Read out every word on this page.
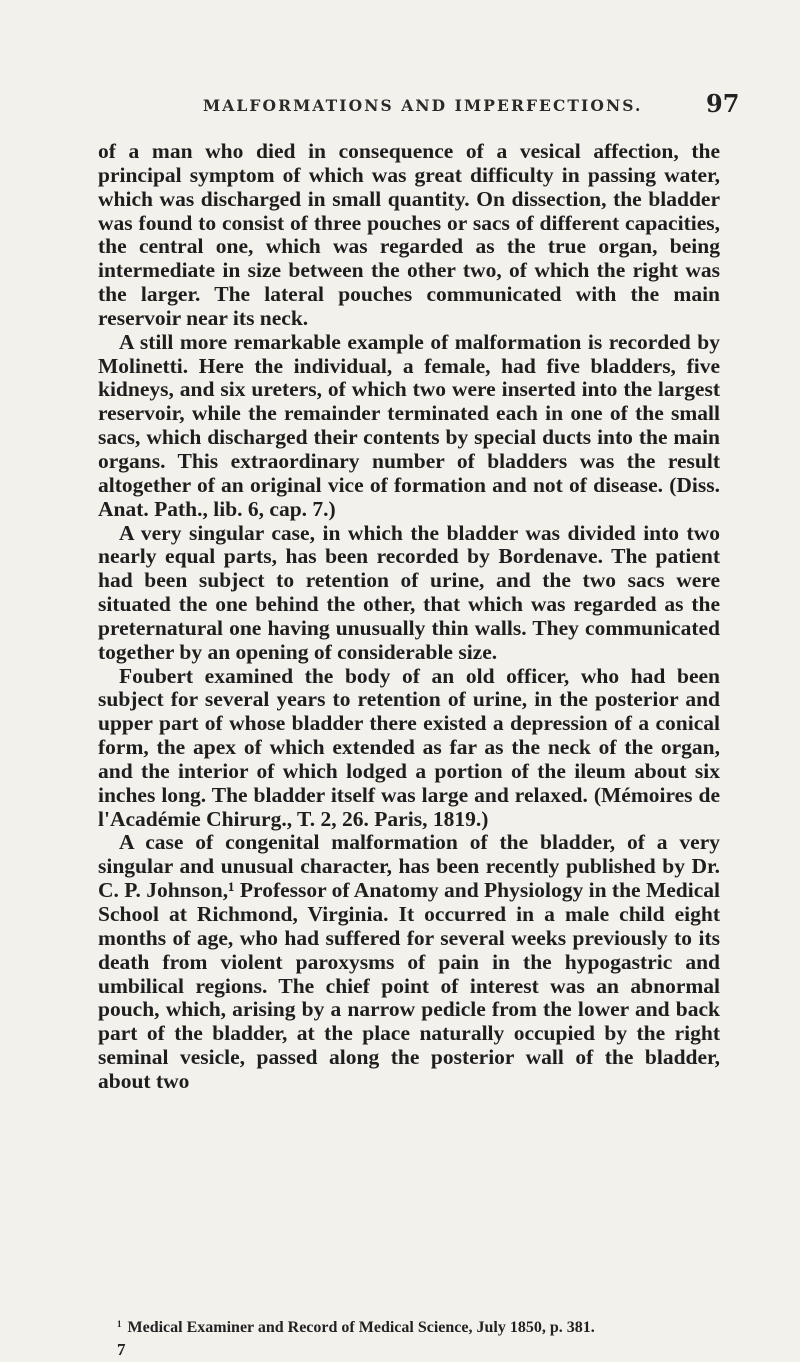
MALFORMATIONS AND IMPERFECTIONS.	97

of a man who died in consequence of a vesical affection, the principal symptom of which was great difficulty in passing water, which was discharged in small quantity. On dissection, the bladder was found to consist of three pouches or sacs of different capacities, the central one, which was regarded as the true organ, being intermediate in size between the other two, of which the right was the larger. The lateral pouches communicated with the main reservoir near its neck.

A still more remarkable example of malformation is recorded by Molinetti. Here the individual, a female, had five bladders, five kidneys, and six ureters, of which two were inserted into the largest reservoir, while the remainder terminated each in one of the small sacs, which discharged their contents by special ducts into the main organs. This extraordinary number of bladders was the result altogether of an original vice of formation and not of disease. (Diss. Anat. Path., lib. 6, cap. 7.)

A very singular case, in which the bladder was divided into two nearly equal parts, has been recorded by Bordenave. The patient had been subject to retention of urine, and the two sacs were situated the one behind the other, that which was regarded as the preternatural one having unusually thin walls. They communicated together by an opening of considerable size.

Foubert examined the body of an old officer, who had been subject for several years to retention of urine, in the posterior and upper part of whose bladder there existed a depression of a conical form, the apex of which extended as far as the neck of the organ, and the interior of which lodged a portion of the ileum about six inches long. The bladder itself was large and relaxed. (Mémoires de l'Académie Chirurg., T. 2, 26. Paris, 1819.)

A case of congenital malformation of the bladder, of a very singular and unusual character, has been recently published by Dr. C. P. Johnson,¹ Professor of Anatomy and Physiology in the Medical School at Richmond, Virginia. It occurred in a male child eight months of age, who had suffered for several weeks previously to its death from violent paroxysms of pain in the hypogastric and umbilical regions. The chief point of interest was an abnormal pouch, which, arising by a narrow pedicle from the lower and back part of the bladder, at the place naturally occupied by the right seminal vesicle, passed along the posterior wall of the bladder, about two

$^1$ Medical Examiner and Record of Medical Science, July 1850, p. 381.
7
